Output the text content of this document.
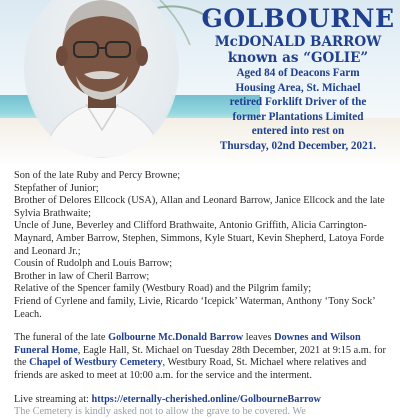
GOLBOURNE
McDONALD BARROW
known as “GOLIE”
Aged 84 of Deacons Farm
Housing Area, St. Michael
retired Forklift Driver of the
former Plantations Limited
entered into rest on
Thursday, 02nd December, 2021.

Son of the late Ruby and Percy Browne;

Stepfather of Junior;

Brother of Delores Ellcock (USA), Allan and Leonard Barrow, Janice Ellcock and the late Sylvia Brathwaite;

Uncle of June, Beverley and Clifford Brathwaite, Antonio Griffith, Alicia Carrington-Maynard, Amber Barrow, Stephen, Simmons, Kyle Stuart, Kevin Shepherd, Latoya Forde and Leonard Jr.;

Cousin of Rudolph and Louis Barrow;

Brother in law of Cheril Barrow;

Relative of the Spencer family (Westbury Road) and the Pilgrim family;

Friend of Cyrlene and family, Livie, Ricardo ‘Icepick’ Waterman, Anthony ‘Tony Sock’ Leach.

The funeral of the late Golbourne Mc.Donald Barrow leaves Downes and Wilson Funeral Home, Eagle Hall, St. Michael on Tuesday 28th December, 2021 at 9:15 a.m. for the Chapel of Westbury Cemetery, Westbury Road, St. Michael where relatives and friends are asked to meet at 10:00 a.m. for the service and the interment.

Live streaming at: https://eternally-cherished.online/GolbourneBarrow

The Cemetery is kindly asked not to allow the grave to be covered. We
